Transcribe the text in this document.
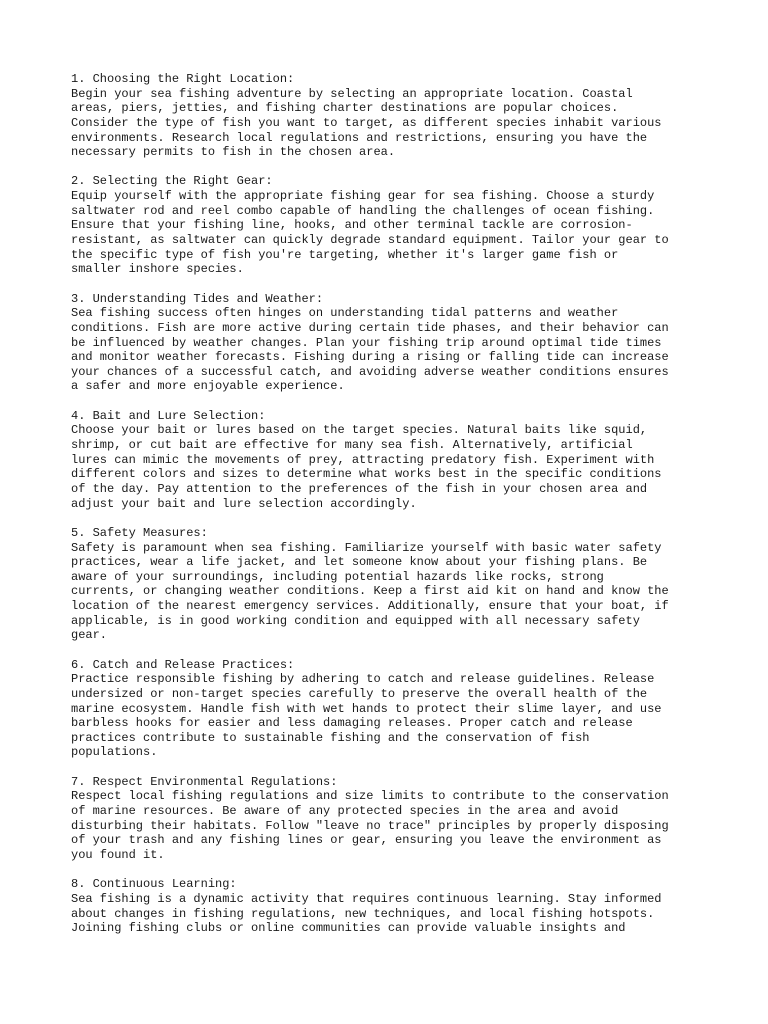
1. Choosing the Right Location:
Begin your sea fishing adventure by selecting an appropriate location. Coastal
areas, piers, jetties, and fishing charter destinations are popular choices.
Consider the type of fish you want to target, as different species inhabit various
environments. Research local regulations and restrictions, ensuring you have the
necessary permits to fish in the chosen area.
2. Selecting the Right Gear:
Equip yourself with the appropriate fishing gear for sea fishing. Choose a sturdy
saltwater rod and reel combo capable of handling the challenges of ocean fishing.
Ensure that your fishing line, hooks, and other terminal tackle are corrosion-
resistant, as saltwater can quickly degrade standard equipment. Tailor your gear to
the specific type of fish you're targeting, whether it's larger game fish or
smaller inshore species.
3. Understanding Tides and Weather:
Sea fishing success often hinges on understanding tidal patterns and weather
conditions. Fish are more active during certain tide phases, and their behavior can
be influenced by weather changes. Plan your fishing trip around optimal tide times
and monitor weather forecasts. Fishing during a rising or falling tide can increase
your chances of a successful catch, and avoiding adverse weather conditions ensures
a safer and more enjoyable experience.
4. Bait and Lure Selection:
Choose your bait or lures based on the target species. Natural baits like squid,
shrimp, or cut bait are effective for many sea fish. Alternatively, artificial
lures can mimic the movements of prey, attracting predatory fish. Experiment with
different colors and sizes to determine what works best in the specific conditions
of the day. Pay attention to the preferences of the fish in your chosen area and
adjust your bait and lure selection accordingly.
5. Safety Measures:
Safety is paramount when sea fishing. Familiarize yourself with basic water safety
practices, wear a life jacket, and let someone know about your fishing plans. Be
aware of your surroundings, including potential hazards like rocks, strong
currents, or changing weather conditions. Keep a first aid kit on hand and know the
location of the nearest emergency services. Additionally, ensure that your boat, if
applicable, is in good working condition and equipped with all necessary safety
gear.
6. Catch and Release Practices:
Practice responsible fishing by adhering to catch and release guidelines. Release
undersized or non-target species carefully to preserve the overall health of the
marine ecosystem. Handle fish with wet hands to protect their slime layer, and use
barbless hooks for easier and less damaging releases. Proper catch and release
practices contribute to sustainable fishing and the conservation of fish
populations.
7. Respect Environmental Regulations:
Respect local fishing regulations and size limits to contribute to the conservation
of marine resources. Be aware of any protected species in the area and avoid
disturbing their habitats. Follow "leave no trace" principles by properly disposing
of your trash and any fishing lines or gear, ensuring you leave the environment as
you found it.
8. Continuous Learning:
Sea fishing is a dynamic activity that requires continuous learning. Stay informed
about changes in fishing regulations, new techniques, and local fishing hotspots.
Joining fishing clubs or online communities can provide valuable insights and
